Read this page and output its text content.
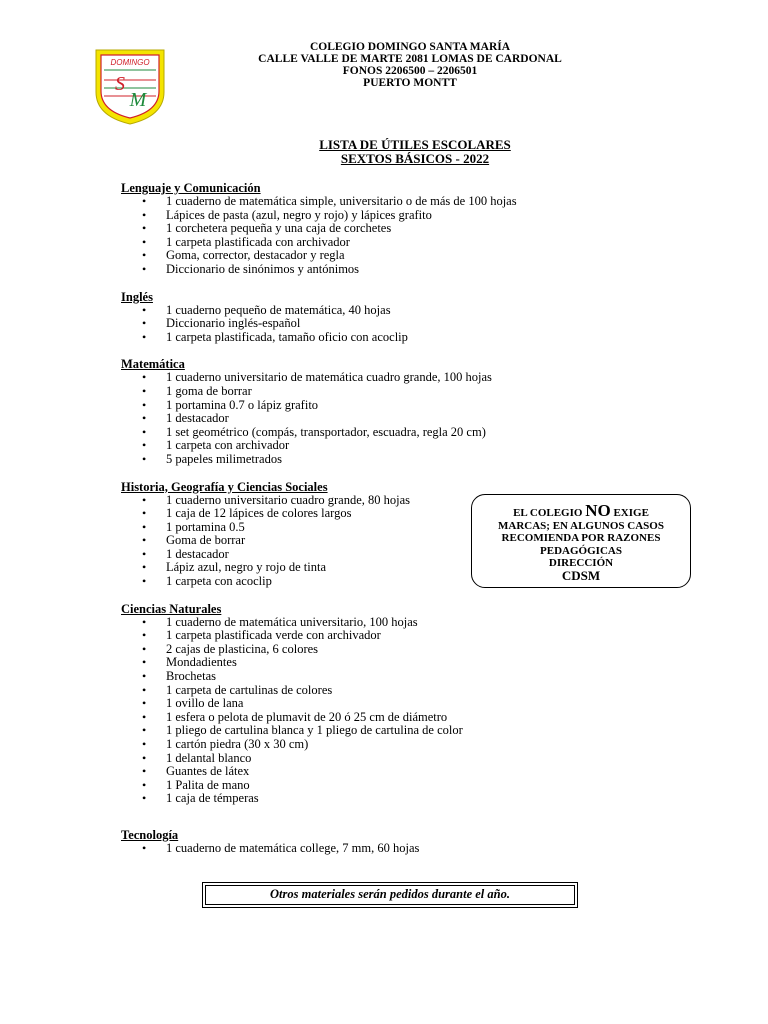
DOMINGO
S
M
COLEGIO DOMINGO SANTA MARÍA
CALLE VALLE DE MARTE 2081 LOMAS DE CARDONAL
FONOS 2206500 – 2206501
PUERTO MONTT
LISTA DE ÚTILES ESCOLARES
SEXTOS BÁSICOS - 2022
Lenguaje y Comunicación
• 1 cuaderno de matemática simple, universitario o de más de 100 hojas
• Lápices de pasta (azul, negro y rojo) y lápices grafito
• 1 corchetera pequeña y una caja de corchetes
• 1 carpeta plastificada con archivador
• Goma, corrector, destacador y regla
• Diccionario de sinónimos y antónimos
Inglés
• 1 cuaderno pequeño de matemática, 40 hojas
• Diccionario inglés-español
• 1 carpeta plastificada, tamaño oficio con acoclip
Matemática
• 1 cuaderno universitario de matemática cuadro grande, 100 hojas
• 1 goma de borrar
• 1 portamina 0.7 o lápiz grafito
• 1 destacador
• 1 set geométrico (compás, transportador, escuadra, regla 20 cm)
• 1 carpeta con archivador
• 5 papeles milimetrados
Historia, Geografía y Ciencias Sociales
• 1 cuaderno universitario cuadro grande, 80 hojas
• 1 caja de 12 lápices de colores largos
• 1 portamina 0.5
• Goma de borrar
• 1 destacador
• Lápiz azul, negro y rojo de tinta
• 1 carpeta con acoclip
Ciencias Naturales
• 1 cuaderno de matemática universitario, 100 hojas
• 1 carpeta plastificada verde con archivador
• 2 cajas de plasticina, 6 colores
• Mondadientes
• Brochetas
• 1 carpeta de cartulinas de colores
• 1 ovillo de lana
• 1 esfera o pelota de plumavit de 20 ó 25 cm de diámetro
• 1 pliego de cartulina blanca y 1 pliego de cartulina de color
• 1 cartón piedra (30 x 30 cm)
• 1 delantal blanco
• Guantes de látex
• 1 Palita de mano
• 1 caja de témperas
Tecnología
• 1 cuaderno de matemática college, 7 mm, 60 hojas
EL COLEGIO NO EXIGE
MARCAS; EN ALGUNOS CASOS
RECOMIENDA POR RAZONES
PEDAGÓGICAS
DIRECCIÓN
CDSM
Otros materiales serán pedidos durante el año.
